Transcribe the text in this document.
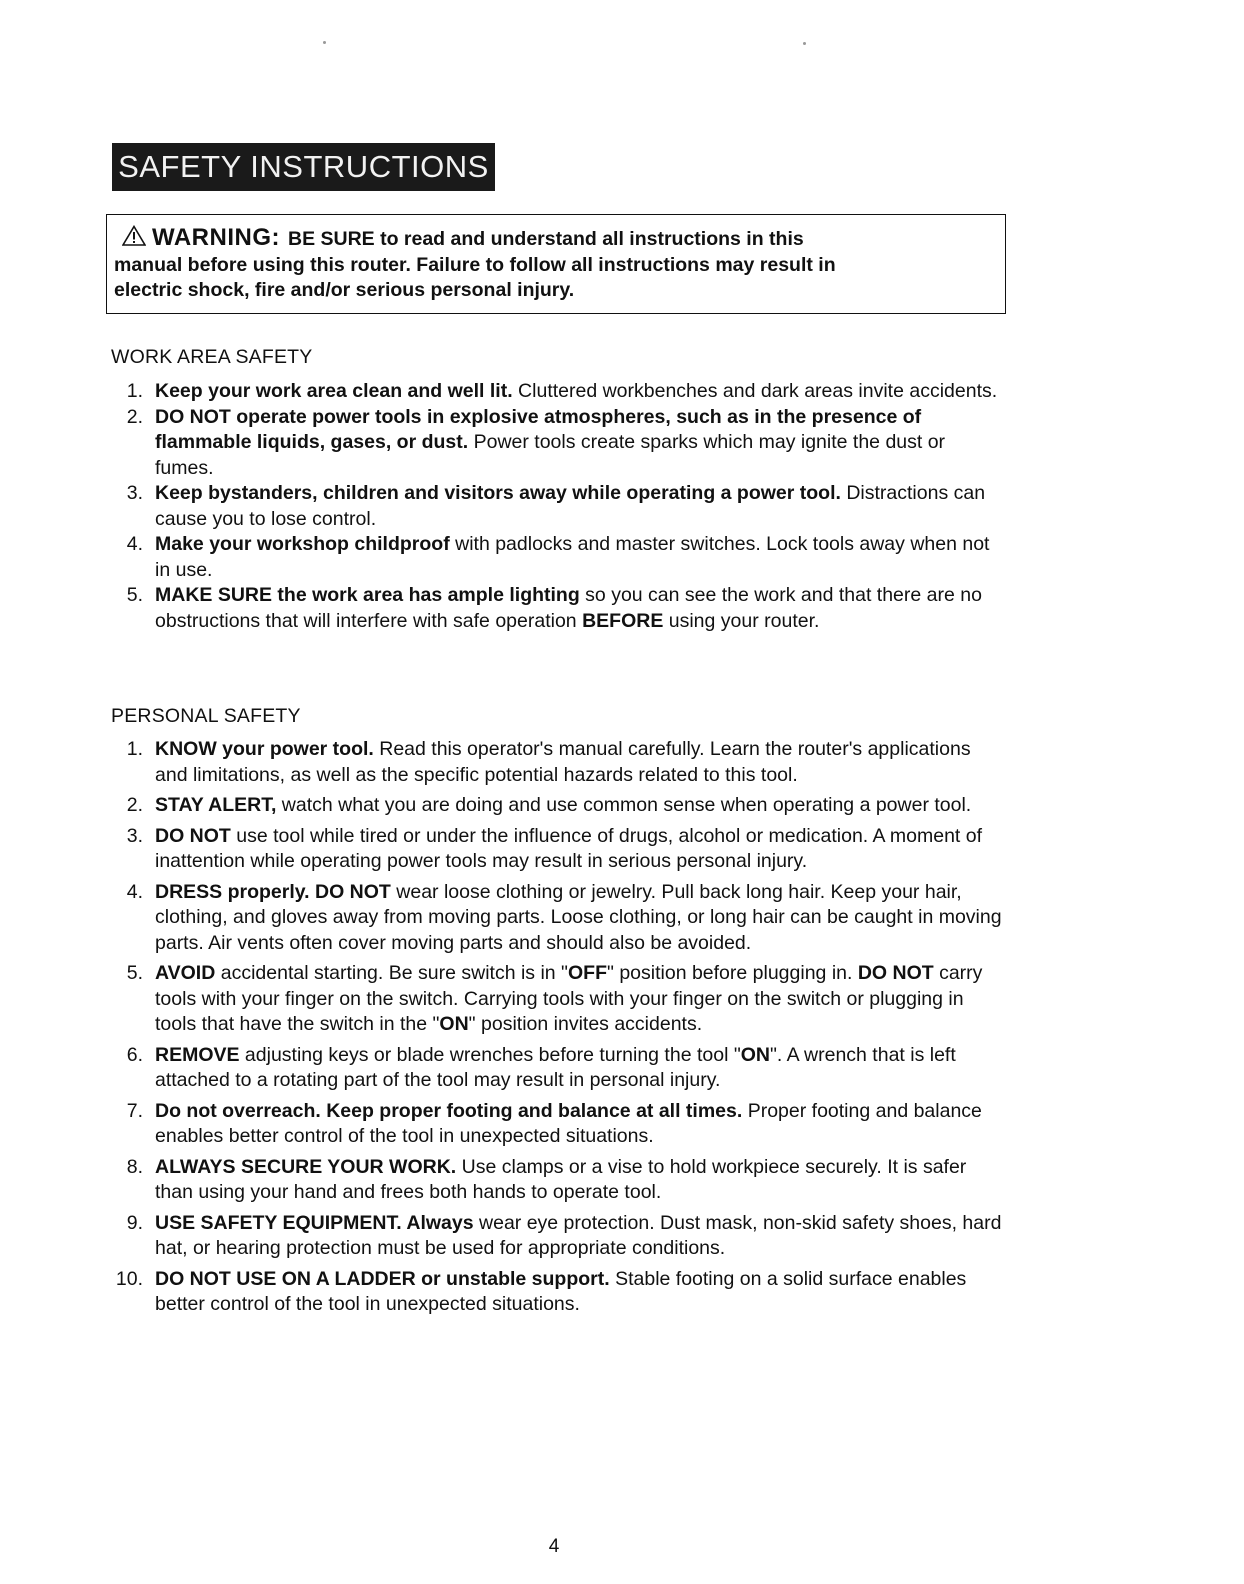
SAFETY INSTRUCTIONS
WARNING: BE SURE to read and understand all instructions in this
manual before using this router. Failure to follow all instructions may result in
electric shock, fire and/or serious personal injury.
WORK AREA SAFETY
1. Keep your work area clean and well lit. Cluttered workbenches and dark areas invite accidents.
2. DO NOT operate power tools in explosive atmospheres, such as in the presence of flammable liquids, gases, or dust. Power tools create sparks which may ignite the dust or fumes.
3. Keep bystanders, children and visitors away while operating a power tool. Distractions can cause you to lose control.
4. Make your workshop childproof with padlocks and master switches. Lock tools away when not in use.
5. MAKE SURE the work area has ample lighting so you can see the work and that there are no obstructions that will interfere with safe operation BEFORE using your router.
PERSONAL SAFETY
1. KNOW your power tool. Read this operator's manual carefully. Learn the router's applications and limitations, as well as the specific potential hazards related to this tool.
2. STAY ALERT, watch what you are doing and use common sense when operating a power tool.
3. DO NOT use tool while tired or under the influence of drugs, alcohol or medication. A moment of inattention while operating power tools may result in serious personal injury.
4. DRESS properly. DO NOT wear loose clothing or jewelry. Pull back long hair. Keep your hair, clothing, and gloves away from moving parts. Loose clothing, or long hair can be caught in moving parts. Air vents often cover moving parts and should also be avoided.
5. AVOID accidental starting. Be sure switch is in "OFF" position before plugging in. DO NOT carry tools with your finger on the switch. Carrying tools with your finger on the switch or plugging in tools that have the switch in the "ON" position invites accidents.
6. REMOVE adjusting keys or blade wrenches before turning the tool "ON". A wrench that is left attached to a rotating part of the tool may result in personal injury.
7. Do not overreach. Keep proper footing and balance at all times. Proper footing and balance enables better control of the tool in unexpected situations.
8. ALWAYS SECURE YOUR WORK. Use clamps or a vise to hold workpiece securely. It is safer than using your hand and frees both hands to operate tool.
9. USE SAFETY EQUIPMENT. Always wear eye protection. Dust mask, non-skid safety shoes, hard hat, or hearing protection must be used for appropriate conditions.
10. DO NOT USE ON A LADDER or unstable support. Stable footing on a solid surface enables better control of the tool in unexpected situations.
4
